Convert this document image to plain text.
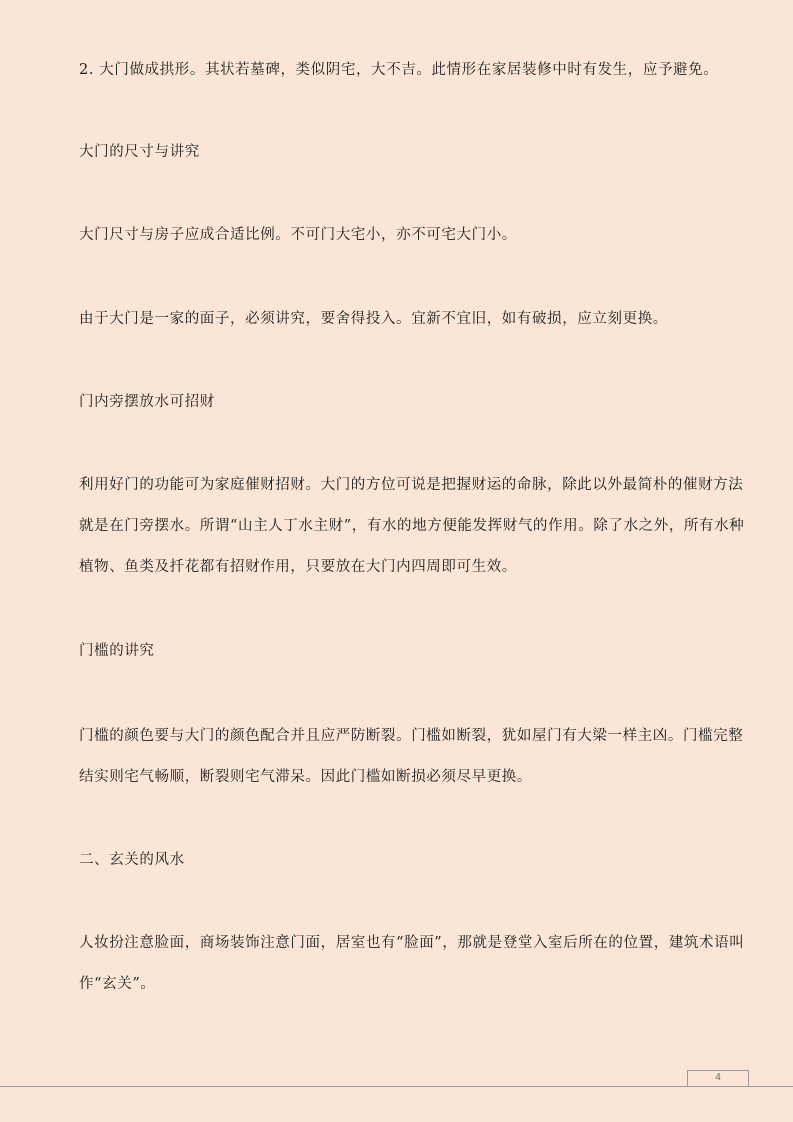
2. 大门做成拱形。其状若墓碑，类似阴宅，大不吉。此情形在家居装修中时有发生，应予避免。

大门的尺寸与讲究

大门尺寸与房子应成合适比例。不可门大宅小，亦不可宅大门小。

由于大门是一家的面子，必须讲究，要舍得投入。宜新不宜旧，如有破损，应立刻更换。

门内旁摆放水可招财

利用好门的功能可为家庭催财招财。大门的方位可说是把握财运的命脉，除此以外最简朴的催财方法就是在门旁摆水。所谓“山主人丁水主财”，有水的地方便能发挥财气的作用。除了水之外，所有水种植物、鱼类及扦花都有招财作用，只要放在大门内四周即可生效。

门槛的讲究

门槛的颜色要与大门的颜色配合并且应严防断裂。门槛如断裂，犹如屋门有大梁一样主凶。门槛完整结实则宅气畅顺，断裂则宅气滞呆。因此门槛如断损必须尽早更换。

二、玄关的风水

人妆扮注意脸面，商场装饰注意门面，居室也有“脸面”，那就是登堂入室后所在的位置，建筑术语叫作“玄关”。

4
